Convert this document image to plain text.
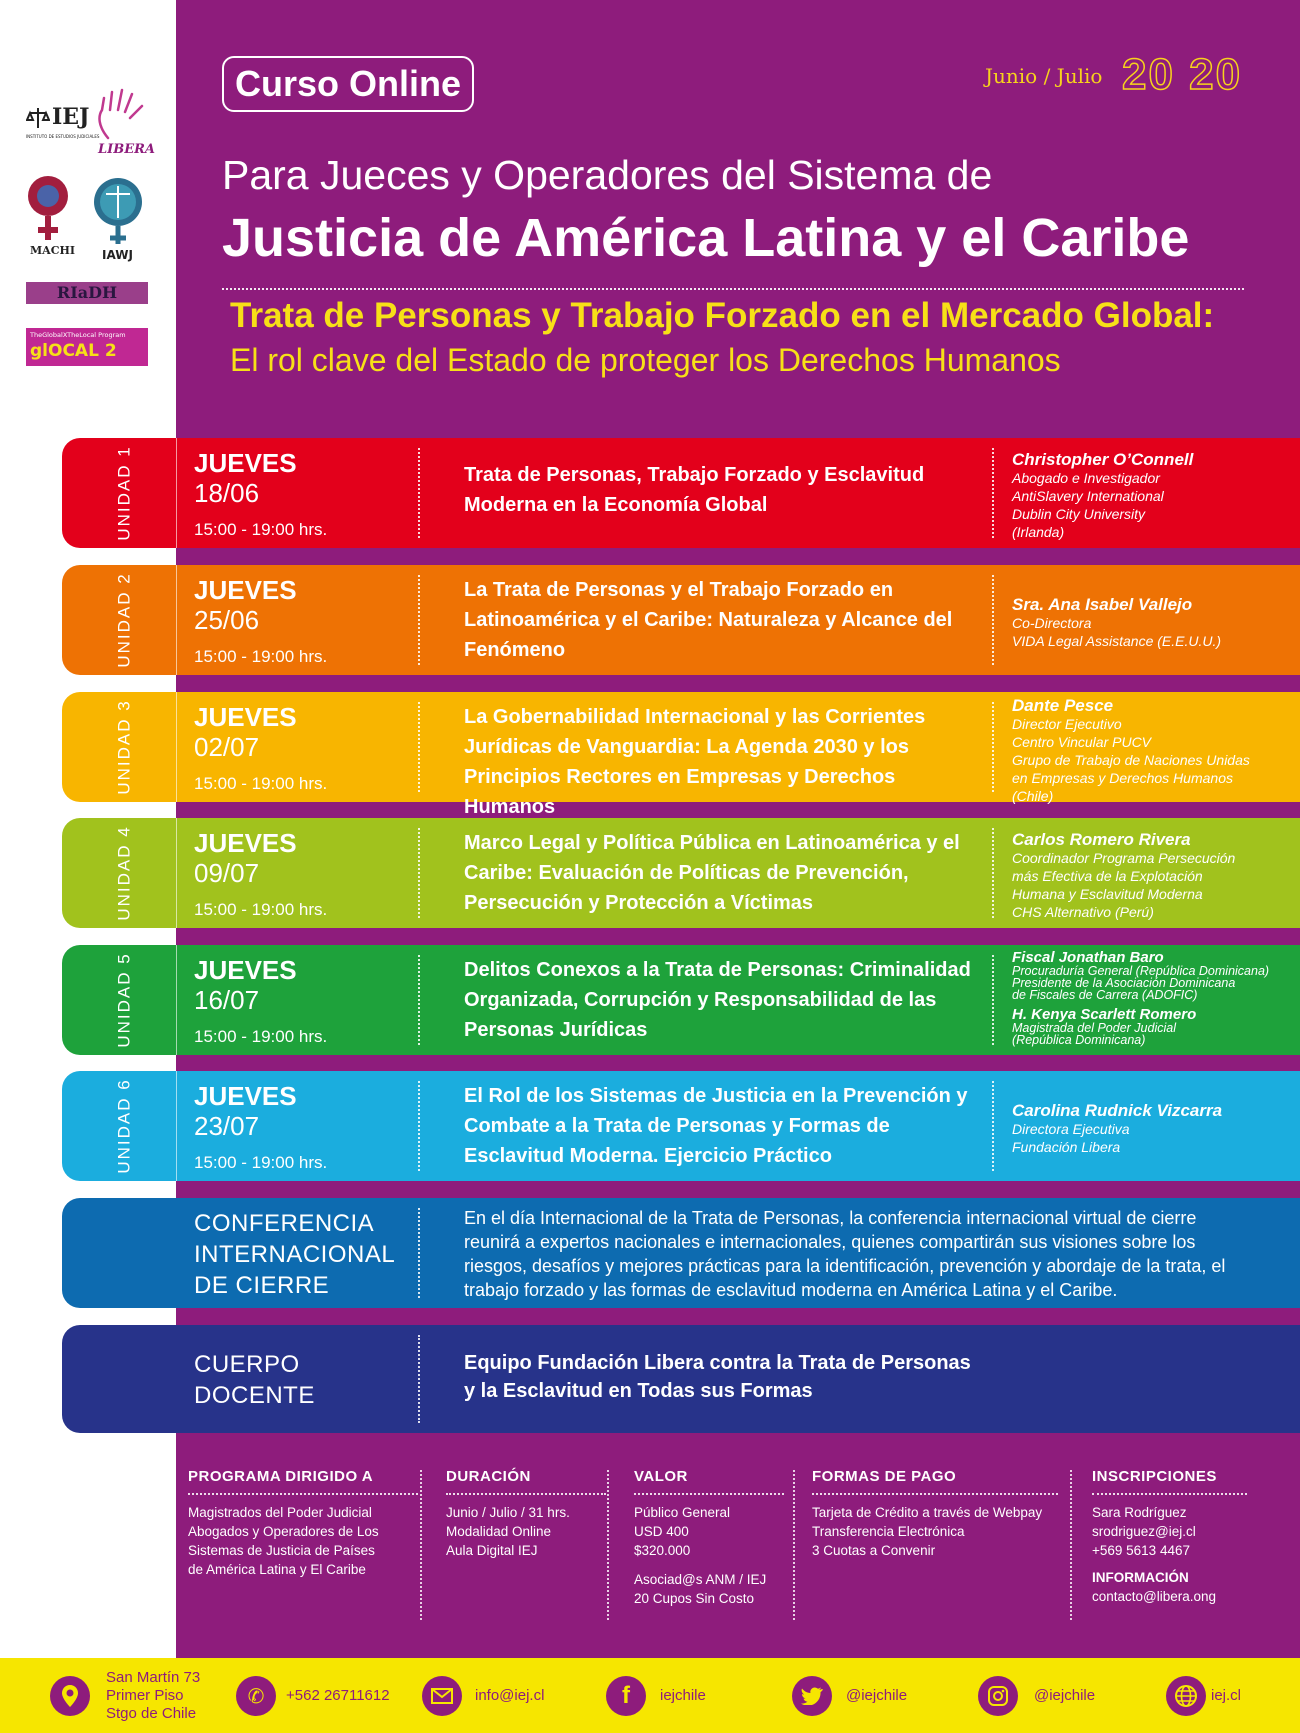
IEJ
INSTITUTO DE ESTUDIOS JUDICIALES
LIBERA
MACHI IAWJ
RIaDH
TheGlobalXTheLocal Program
glOCAL 2
Curso Online	Junio / Julio 20 20
Para Jueces y Operadores del Sistema de
Justicia de América Latina y el Caribe
Trata de Personas y Trabajo Forzado en el Mercado Global:
El rol clave del Estado de proteger los Derechos Humanos
UNIDAD 1 JUEVES
18/06
15:00 - 19:00 hrs.
Trata de Personas, Trabajo Forzado y Esclavitud Moderna en la Economía Global
Christopher O’Connell
Abogado e Investigador
AntiSlavery International
Dublin City University
(Irlanda)
UNIDAD 2 JUEVES
25/06
15:00 - 19:00 hrs.
La Trata de Personas y el Trabajo Forzado en Latinoamérica y el Caribe: Naturaleza y Alcance del Fenómeno
Sra. Ana Isabel Vallejo
Co-Directora
VIDA Legal Assistance (E.E.U.U.)
UNIDAD 3 JUEVES
02/07
15:00 - 19:00 hrs.
La Gobernabilidad Internacional y las Corrientes Jurídicas de Vanguardia: La Agenda 2030 y los Principios Rectores en Empresas y Derechos Humanos
Dante Pesce
Director Ejecutivo
Centro Vincular PUCV
Grupo de Trabajo de Naciones Unidas
en Empresas y Derechos Humanos
(Chile)
UNIDAD 4 JUEVES
09/07
15:00 - 19:00 hrs.
Marco Legal y Política Pública en Latinoamérica y el Caribe: Evaluación de Políticas de Prevención, Persecución y Protección a Víctimas
Carlos Romero Rivera
Coordinador Programa Persecución
más Efectiva de la Explotación
Humana y Esclavitud Moderna
CHS Alternativo (Perú)
UNIDAD 5 JUEVES
16/07
15:00 - 19:00 hrs.
Delitos Conexos a la Trata de Personas: Criminalidad Organizada, Corrupción y Responsabilidad de las Personas Jurídicas
Fiscal Jonathan Baro
Procuraduría General (República Dominicana)
Presidente de la Asociación Dominicana
de Fiscales de Carrera (ADOFIC)
H. Kenya Scarlett Romero
Magistrada del Poder Judicial
(República Dominicana)
UNIDAD 6 JUEVES
23/07
15:00 - 19:00 hrs.
El Rol de los Sistemas de Justicia en la Prevención y Combate a la Trata de Personas y Formas de Esclavitud Moderna. Ejercicio Práctico
Carolina Rudnick Vizcarra
Directora Ejecutiva
Fundación Libera
CONFERENCIA
INTERNACIONAL
DE CIERRE
En el día Internacional de la Trata de Personas, la conferencia internacional virtual de cierre reunirá a expertos nacionales e internacionales, quienes compartirán sus visiones sobre los riesgos, desafíos y mejores prácticas para la identificación, prevención y abordaje de la trata, el trabajo forzado y las formas de esclavitud moderna en América Latina y el Caribe.
CUERPO
DOCENTE
Equipo Fundación Libera contra la Trata de Personas
y la Esclavitud en Todas sus Formas
PROGRAMA DIRIGIDO A

Magistrados del Poder Judicial
Abogados y Operadores de Los
Sistemas de Justicia de Países
de América Latina y El Caribe

DURACIÓN

Junio / Julio / 31 hrs.
Modalidad Online
Aula Digital IEJ

VALOR

Público General
USD 400
$320.000

Asociad@s ANM / IEJ
20 Cupos Sin Costo

FORMAS DE PAGO

Tarjeta de Crédito a través de Webpay
Transferencia Electrónica
3 Cuotas a Convenir

INSCRIPCIONES

Sara Rodríguez
srodriguez@iej.cl
+569 5613 4467

INFORMACIÓN

contacto@libera.ong

San Martín 73
Primer Piso
Stgo de Chile
✆	+562 26711612	info@iej.cl	f	iejchile	@iejchile	@iejchile	iej.cl
